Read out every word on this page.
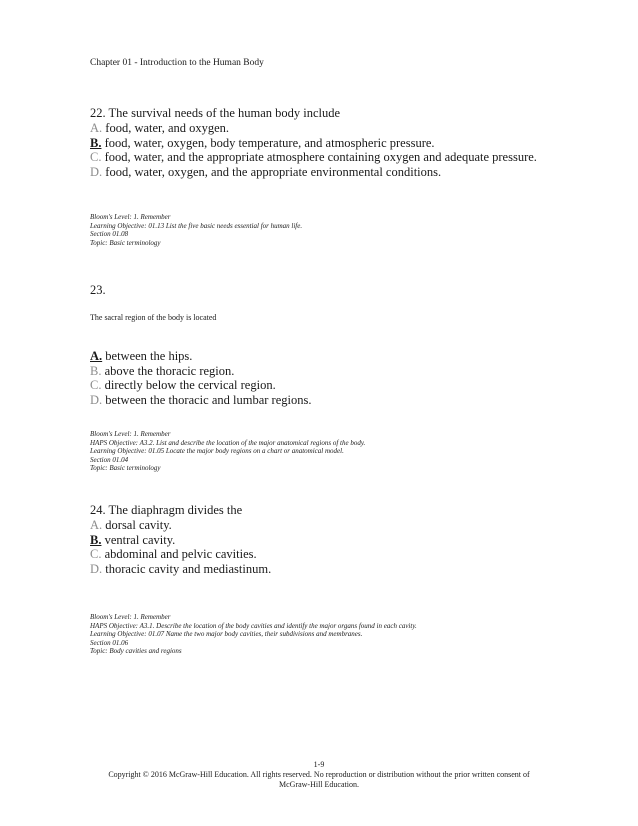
Chapter 01 - Introduction to the Human Body
22. The survival needs of the human body include
A. food, water, and oxygen.
B. food, water, oxygen, body temperature, and atmospheric pressure.
C. food, water, and the appropriate atmosphere containing oxygen and adequate pressure.
D. food, water, oxygen, and the appropriate environmental conditions.
Bloom's Level: 1. Remember
Learning Objective: 01.13 List the five basic needs essential for human life.
Section 01.08
Topic: Basic terminology
23.
The sacral region of the body is located
A. between the hips.
B. above the thoracic region.
C. directly below the cervical region.
D. between the thoracic and lumbar regions.
Bloom's Level: 1. Remember
HAPS Objective: A3.2. List and describe the location of the major anatomical regions of the body.
Learning Objective: 01.05 Locate the major body regions on a chart or anatomical model.
Section 01.04
Topic: Basic terminology
24. The diaphragm divides the
A. dorsal cavity.
B. ventral cavity.
C. abdominal and pelvic cavities.
D. thoracic cavity and mediastinum.
Bloom's Level: 1. Remember
HAPS Objective: A3.1. Describe the location of the body cavities and identify the major organs found in each cavity.
Learning Objective: 01.07 Name the two major body cavities, their subdivisions and membranes.
Section 01.06
Topic: Body cavities and regions
1-9
Copyright © 2016 McGraw-Hill Education. All rights reserved. No reproduction or distribution without the prior written consent of
McGraw-Hill Education.
